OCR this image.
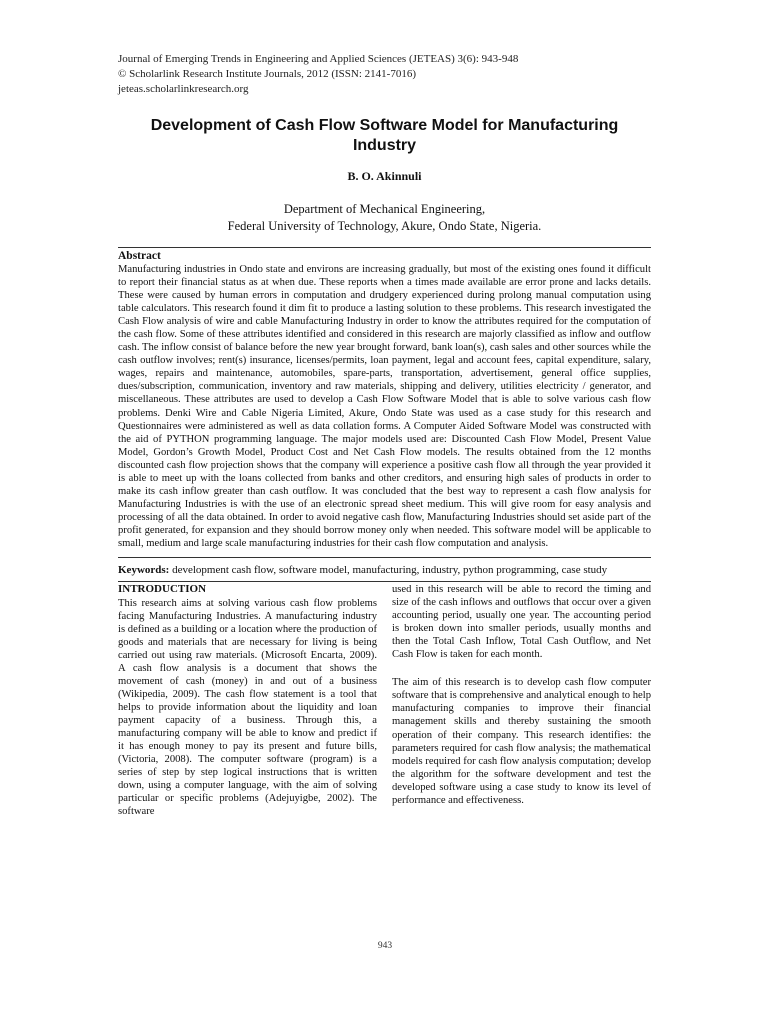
Journal of Emerging Trends in Engineering and Applied Sciences (JETEAS) 3(6): 943-948
© Scholarlink Research Institute Journals, 2012 (ISSN: 2141-7016)
jeteas.scholarlinkresearch.org
Development of Cash Flow Software Model for Manufacturing Industry
B. O. Akinnuli
Department of Mechanical Engineering,
Federal University of Technology, Akure, Ondo State, Nigeria.
Abstract
Manufacturing industries in Ondo state and environs are increasing gradually, but most of the existing ones found it difficult to report their financial status as at when due. These reports when a times made available are error prone and lacks details. These were caused by human errors in computation and drudgery experienced during prolong manual computation using table calculators. This research found it dim fit to produce a lasting solution to these problems. This research investigated the Cash Flow analysis of wire and cable Manufacturing Industry in order to know the attributes required for the computation of the cash flow. Some of these attributes identified and considered in this research are majorly classified as inflow and outflow cash. The inflow consist of balance before the new year brought forward, bank loan(s), cash sales and other sources while the cash outflow involves; rent(s) insurance, licenses/permits, loan payment, legal and account fees, capital expenditure, salary, wages, repairs and maintenance, automobiles, spare-parts, transportation, advertisement, general office supplies, dues/subscription, communication, inventory and raw materials, shipping and delivery, utilities electricity / generator, and miscellaneous. These attributes are used to develop a Cash Flow Software Model that is able to solve various cash flow problems. Denki Wire and Cable Nigeria Limited, Akure, Ondo State was used as a case study for this research and Questionnaires were administered as well as data collation forms. A Computer Aided Software Model was constructed with the aid of PYTHON programming language. The major models used are: Discounted Cash Flow Model, Present Value Model, Gordon’s Growth Model, Product Cost and Net Cash Flow models. The results obtained from the 12 months discounted cash flow projection shows that the company will experience a positive cash flow all through the year provided it is able to meet up with the loans collected from banks and other creditors, and ensuring high sales of products in order to make its cash inflow greater than cash outflow. It was concluded that the best way to represent a cash flow analysis for Manufacturing Industries is with the use of an electronic spread sheet medium. This will give room for easy analysis and processing of all the data obtained. In order to avoid negative cash flow, Manufacturing Industries should set aside part of the profit generated, for expansion and they should borrow money only when needed. This software model will be applicable to small, medium and large scale manufacturing industries for their cash flow computation and analysis.
Keywords: development cash flow, software model, manufacturing, industry, python programming, case study
INTRODUCTION

This research aims at solving various cash flow problems facing Manufacturing Industries. A manufacturing industry is defined as a building or a location where the production of goods and materials that are necessary for living is being carried out using raw materials. (Microsoft Encarta, 2009). A cash flow analysis is a document that shows the movement of cash (money) in and out of a business (Wikipedia, 2009). The cash flow statement is a tool that helps to provide information about the liquidity and loan payment capacity of a business. Through this, a manufacturing company will be able to know and predict if it has enough money to pay its present and future bills, (Victoria, 2008). The computer software (program) is a series of step by step logical instructions that is written down, using a computer language, with the aim of solving particular or specific problems (Adejuyigbe, 2002). The software

used in this research will be able to record the timing and size of the cash inflows and outflows that occur over a given accounting period, usually one year. The accounting period is broken down into smaller periods, usually months and then the Total Cash Inflow, Total Cash Outflow, and Net Cash Flow is taken for each month.

The aim of this research is to develop cash flow computer software that is comprehensive and analytical enough to help manufacturing companies to improve their financial management skills and thereby sustaining the smooth operation of their company. This research identifies: the parameters required for cash flow analysis; the mathematical models required for cash flow analysis computation; develop the algorithm for the software development and test the developed software using a case study to know its level of performance and effectiveness.

943
